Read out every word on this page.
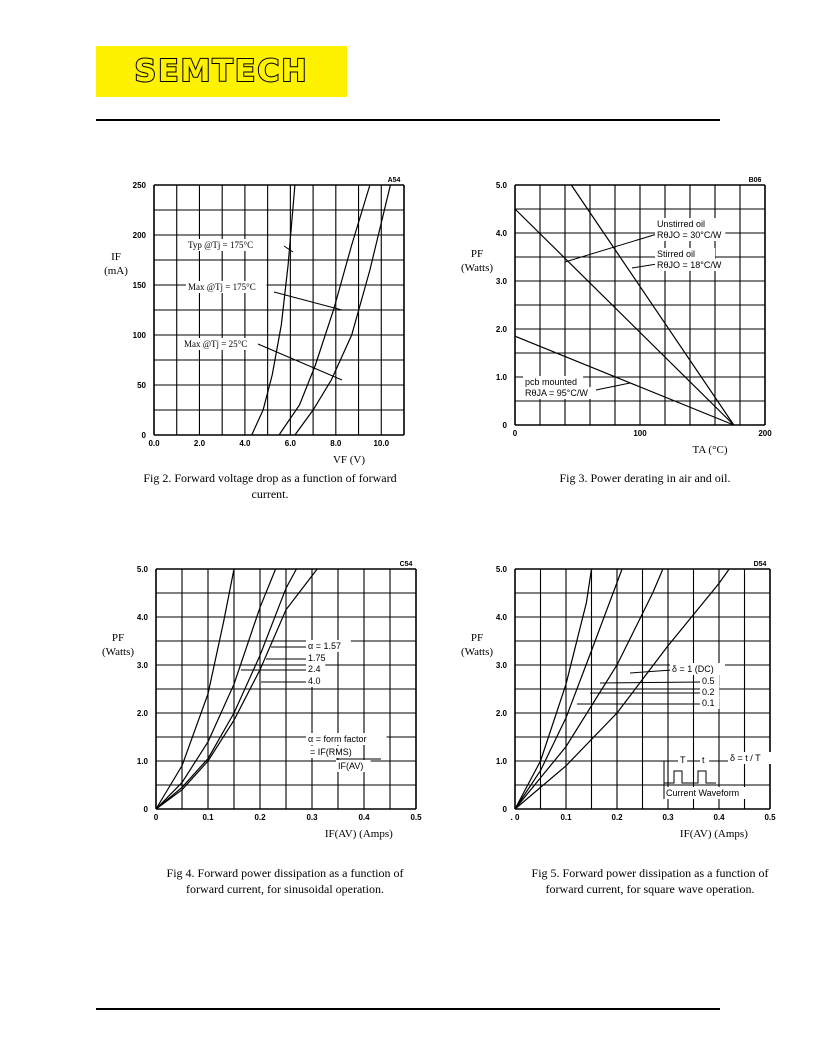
SEMTECH
0.0	2.0	4.0	6.0	8.0	10.0
0
50
100
150
200
250
A54
IF
(mA)
VF (V)
Typ @Tj = 175°C
Max @Tj = 175°C
Max @Tj = 25°C
Fig 2. Forward voltage drop as a function of forward current.
0	100	200
0
1.0
2.0
3.0
4.0
5.0
B06
PF
(Watts)
TA (°C)
Unstirred oil
RθJO = 30°C/W
Stirred oil
RθJO = 18°C/W
pcb mounted
RθJA = 95°C/W
Fig 3. Power derating in air and oil.
0	0.1	0.2	0.3	0.4	0.5
0
1.0
2.0
3.0
4.0
5.0
C54
PF
(Watts)
IF(AV) (Amps)
α = 1.57
1.75
2.4
4.0
α = form factor
= IF(RMS)
IF(AV)
Fig 4. Forward power dissipation as a function of forward current, for sinusoidal operation.
. 0	0.1	0.2	0.3	0.4	0.5
0
1.0
2.0
3.0
4.0
5.0
D54
PF
(Watts)
IF(AV) (Amps)
δ = 1 (DC)
0.5
0.2
0.1
T t	δ = t / T
Current Waveform
Fig 5. Forward power dissipation as a function of forward current, for square wave operation.
